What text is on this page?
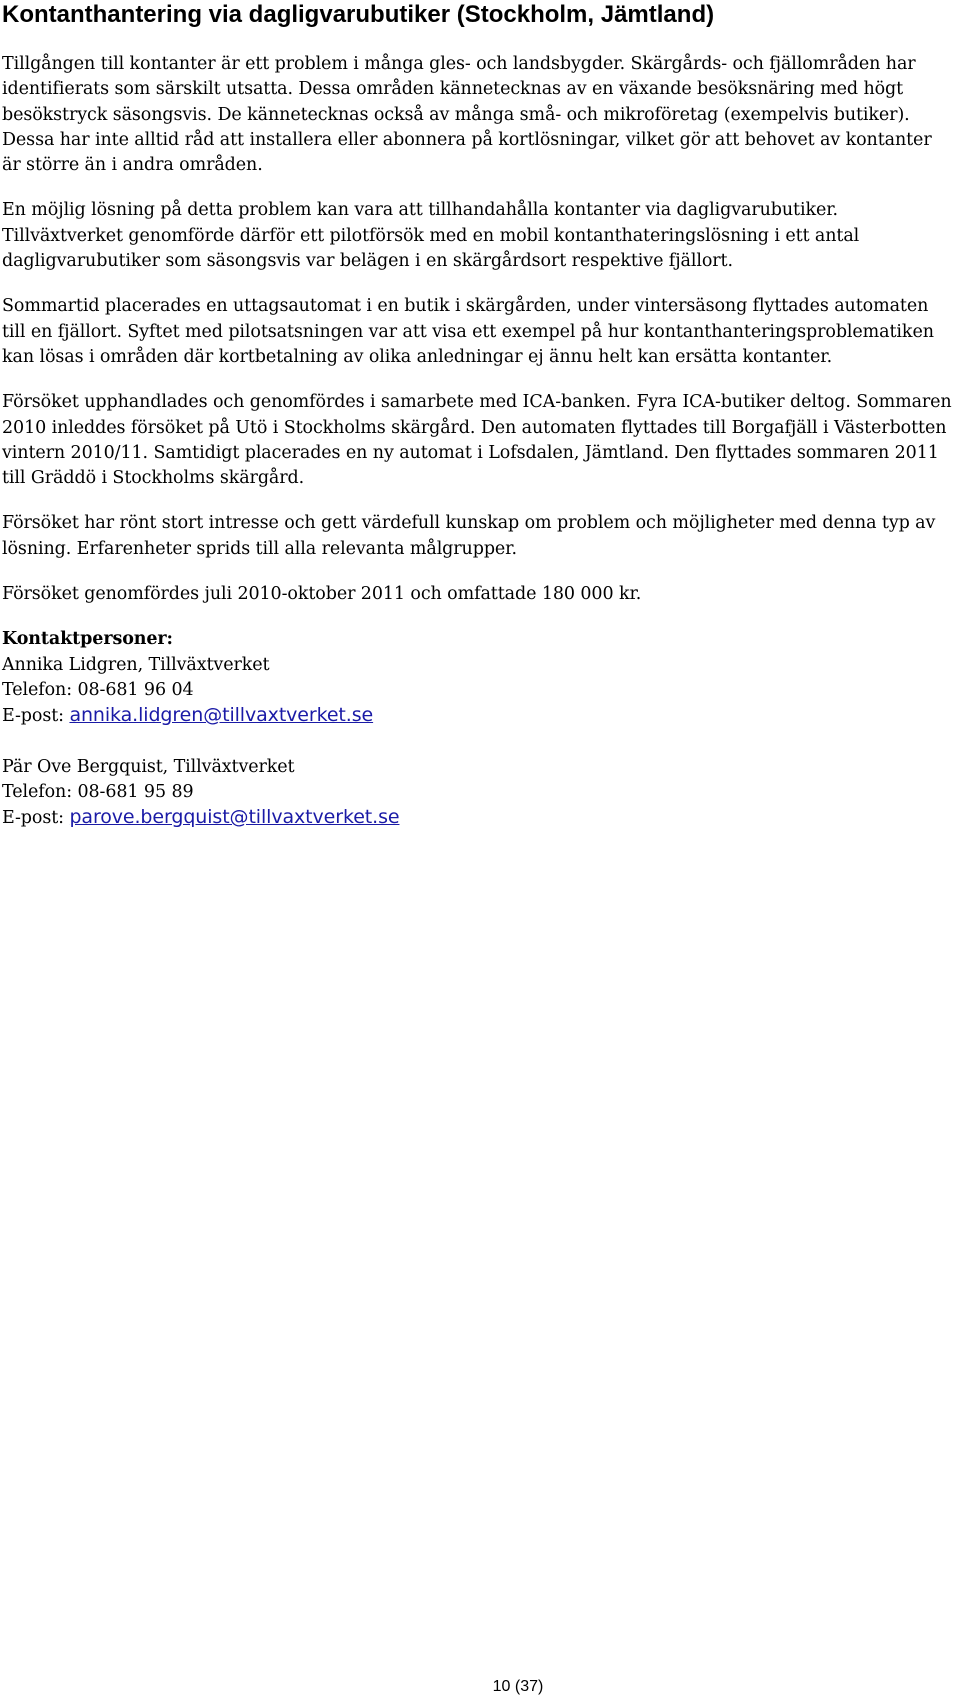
Kontanthantering via dagligvarubutiker (Stockholm, Jämtland)

Tillgången till kontanter är ett problem i många gles- och landsbygder. Skärgårds- och fjällområden har identifierats som särskilt utsatta. Dessa områden kännetecknas av en växande besöksnäring med högt besökstryck säsongsvis. De kännetecknas också av många små- och mikroföretag (exempelvis butiker). Dessa har inte alltid råd att installera eller abonnera på kortlösningar, vilket gör att behovet av kontanter är större än i andra områden.

En möjlig lösning på detta problem kan vara att tillhandahålla kontanter via dagligvarubutiker. Tillväxtverket genomförde därför ett pilotförsök med en mobil kontanthateringslösning i ett antal dagligvarubutiker som säsongsvis var belägen i en skärgårdsort respektive fjällort.

Sommartid placerades en uttagsautomat i en butik i skärgården, under vintersäsong flyttades automaten till en fjällort. Syftet med pilotsatsningen var att visa ett exempel på hur kontanthanteringsproblematiken kan lösas i områden där kortbetalning av olika anledningar ej ännu helt kan ersätta kontanter.

Försöket upphandlades och genomfördes i samarbete med ICA-banken. Fyra ICA-butiker deltog. Sommaren 2010 inleddes försöket på Utö i Stockholms skärgård. Den automaten flyttades till Borgafjäll i Västerbotten vintern 2010/11. Samtidigt placerades en ny automat i Lofsdalen, Jämtland. Den flyttades sommaren 2011 till Gräddö i Stockholms skärgård.

Försöket har rönt stort intresse och gett värdefull kunskap om problem och möjligheter med denna typ av lösning. Erfarenheter sprids till alla relevanta målgrupper.

Försöket genomfördes juli 2010-oktober 2011 och omfattade 180 000 kr.

Kontaktpersoner:
Annika Lidgren, Tillväxtverket
Telefon: 08-681 96 04
E-post: annika.lidgren@tillvaxtverket.se
Pär Ove Bergquist, Tillväxtverket
Telefon: 08-681 95 89
E-post: parove.bergquist@tillvaxtverket.se
10 (37)
